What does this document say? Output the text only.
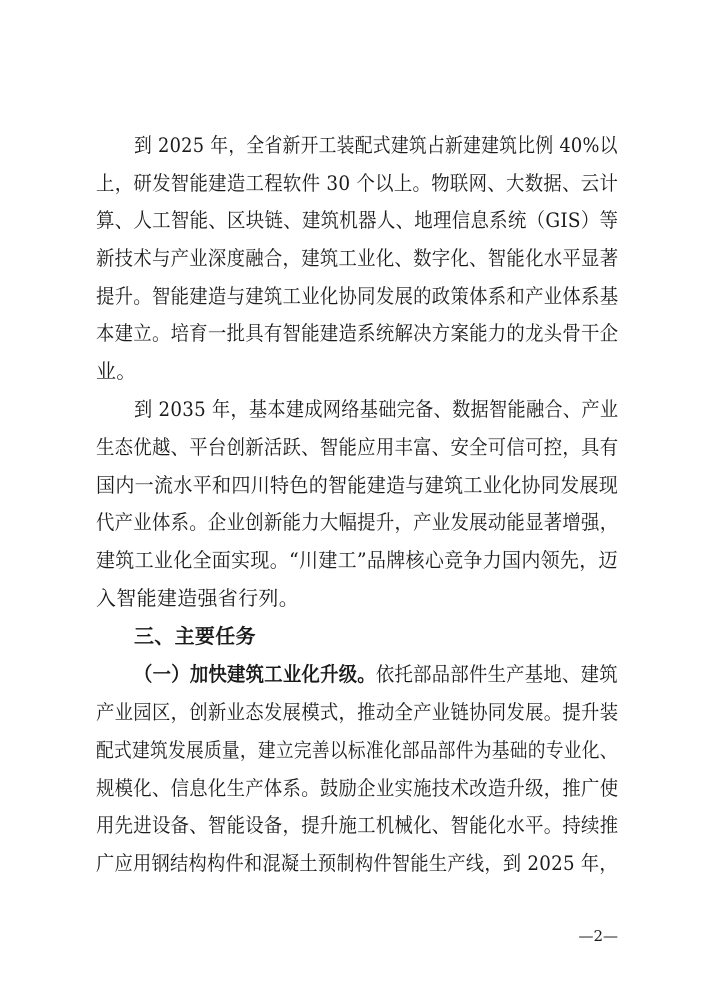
到 2025 年，全省新开工装配式建筑占新建建筑比例 40%以
上，研发智能建造工程软件 30 个以上。物联网、大数据、云计
算、人工智能、区块链、建筑机器人、地理信息系统（GIS）等
新技术与产业深度融合，建筑工业化、数字化、智能化水平显著
提升。智能建造与建筑工业化协同发展的政策体系和产业体系基
本建立。培育一批具有智能建造系统解决方案能力的龙头骨干企
业。
到 2035 年，基本建成网络基础完备、数据智能融合、产业
生态优越、平台创新活跃、智能应用丰富、安全可信可控，具有
国内一流水平和四川特色的智能建造与建筑工业化协同发展现
代产业体系。企业创新能力大幅提升，产业发展动能显著增强，
建筑工业化全面实现。“川建工”品牌核心竞争力国内领先，迈
入智能建造强省行列。
三、主要任务
（一）加快建筑工业化升级。依托部品部件生产基地、建筑
产业园区，创新业态发展模式，推动全产业链协同发展。提升装
配式建筑发展质量，建立完善以标准化部品部件为基础的专业化、
规模化、信息化生产体系。鼓励企业实施技术改造升级，推广使
用先进设备、智能设备，提升施工机械化、智能化水平。持续推
广应用钢结构构件和混凝土预制构件智能生产线，到 2025 年，
—2—
